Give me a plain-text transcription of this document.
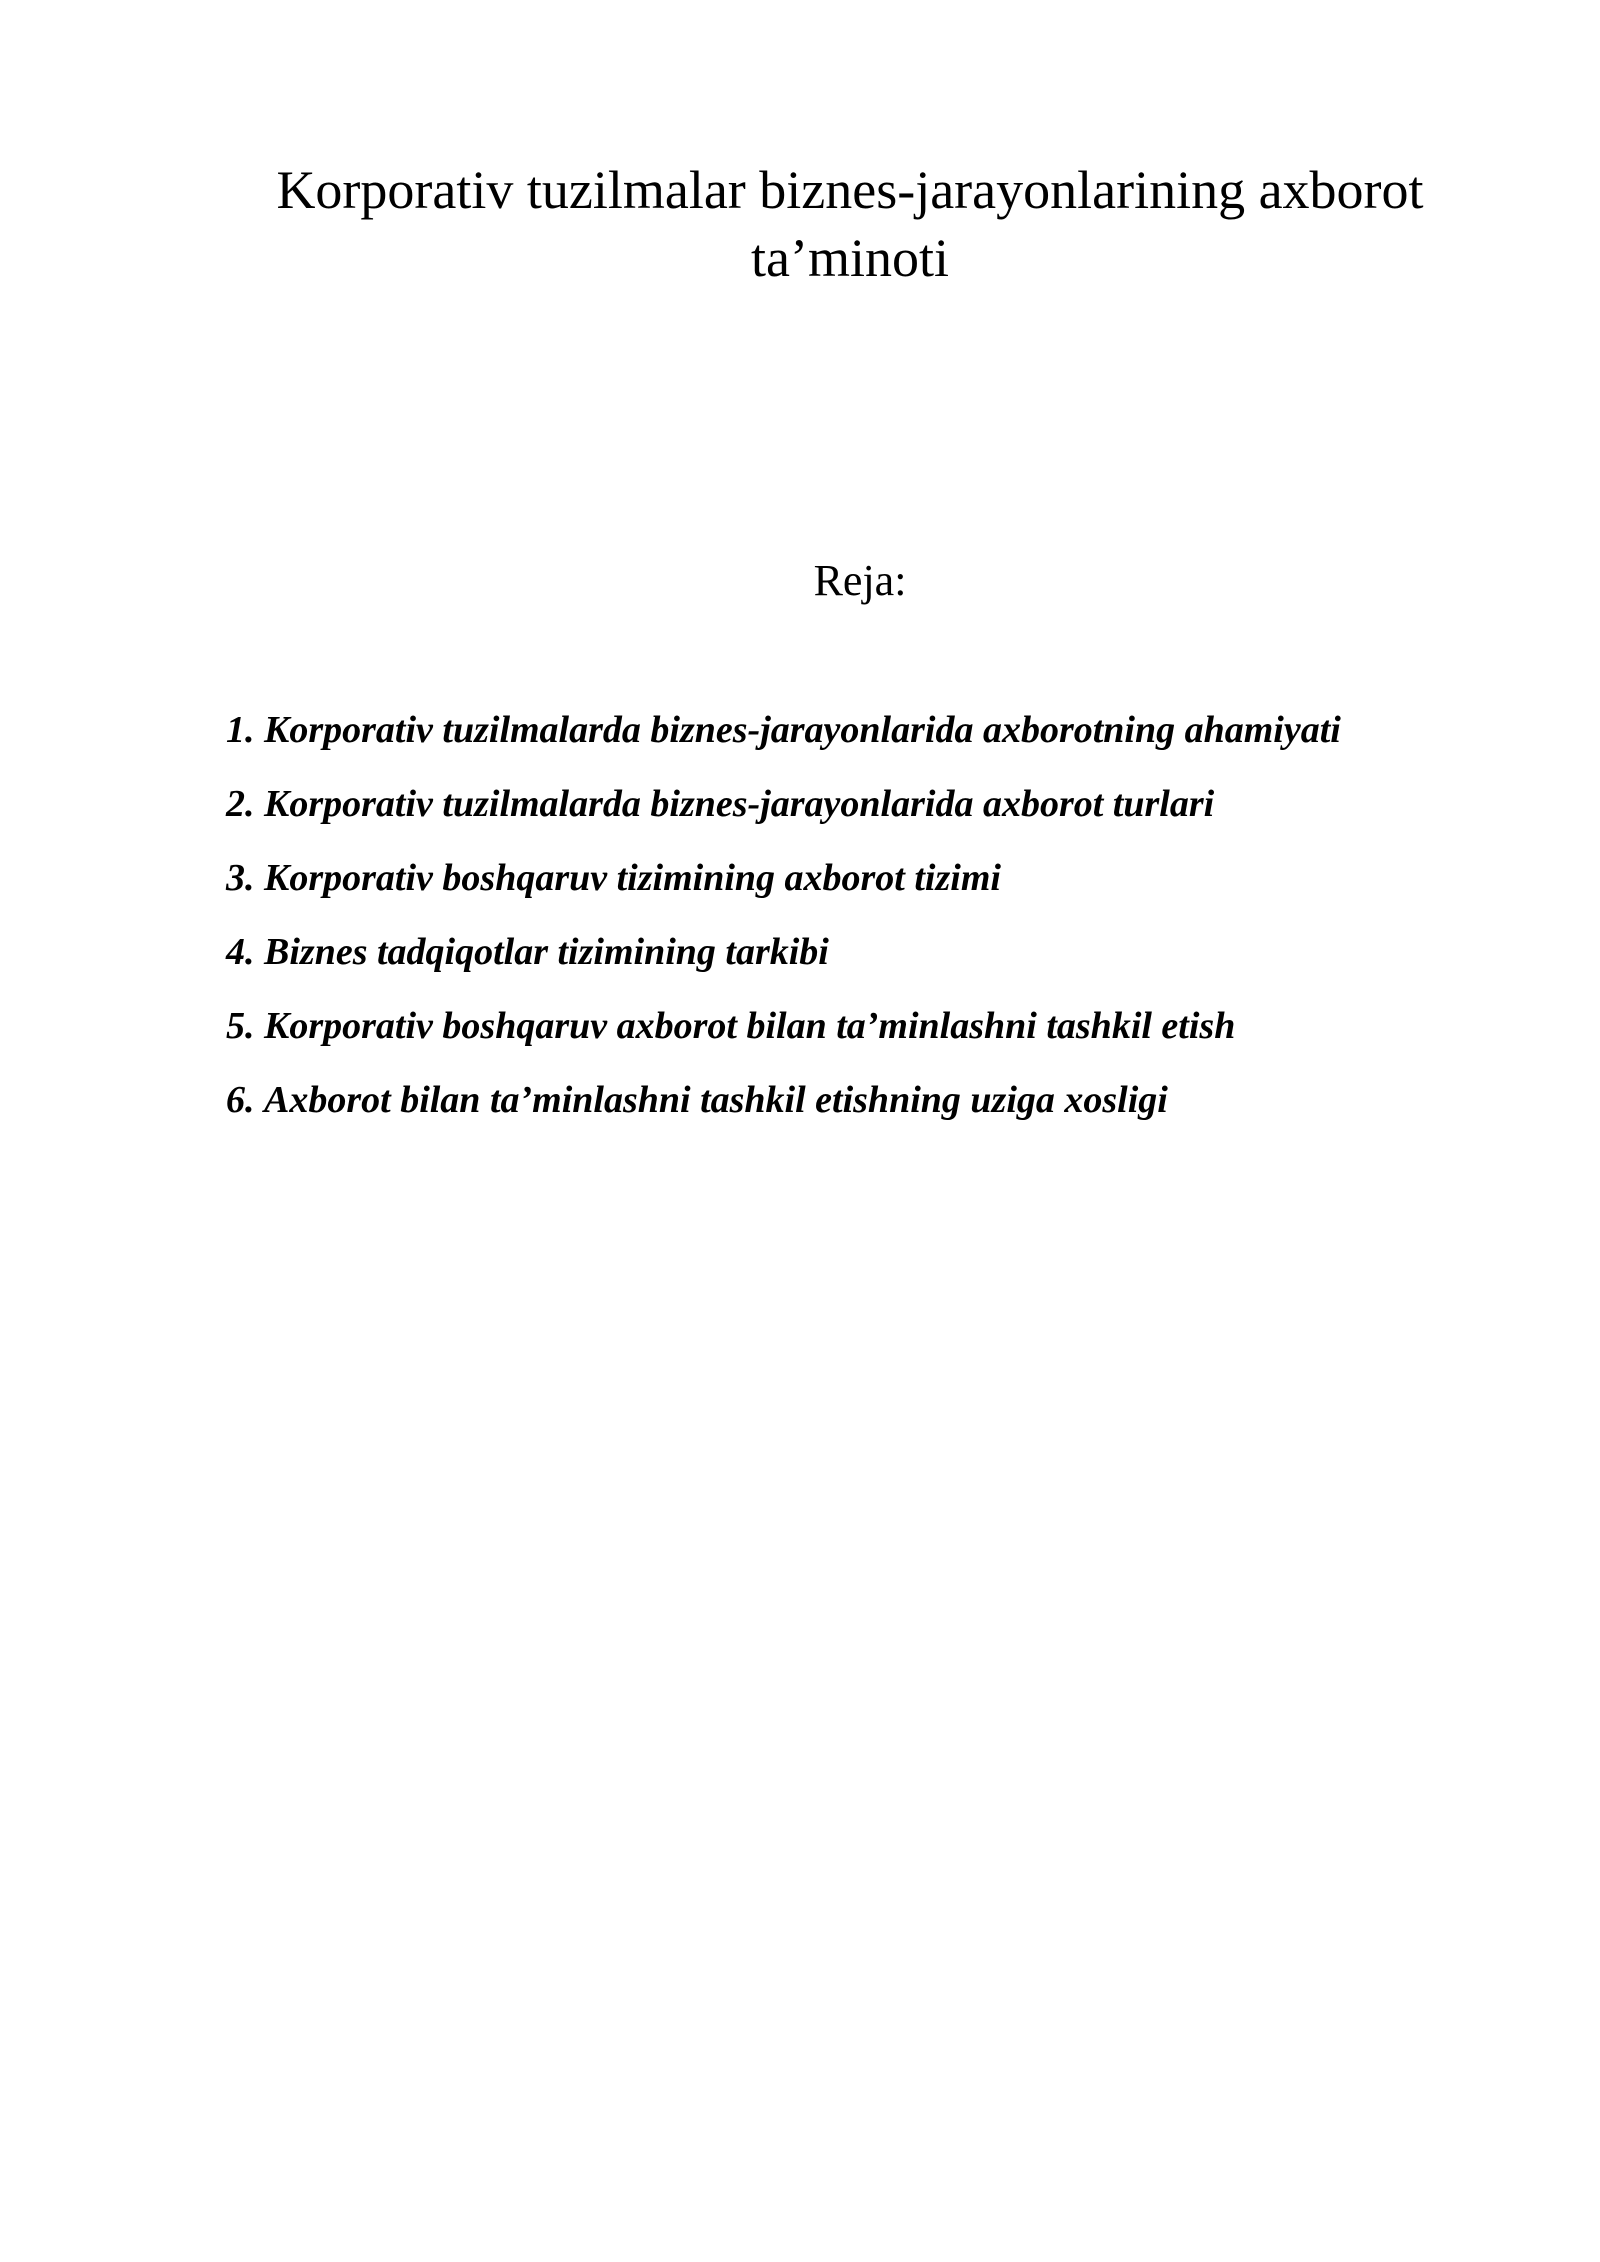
Korporativ tuzilmalar biznes-jarayonlarining axborot
ta’minoti
Reja:
1. Korporativ tuzilmalarda biznes-jarayonlarida axborotning ahamiyati
2. Korporativ tuzilmalarda biznes-jarayonlarida axborot turlari
3. Korporativ boshqaruv tizimining axborot tizimi
4. Biznes tadqiqotlar tizimining tarkibi
5. Korporativ boshqaruv axborot bilan ta’minlashni tashkil etish
6. Axborot bilan ta’minlashni tashkil etishning uziga xosligi
